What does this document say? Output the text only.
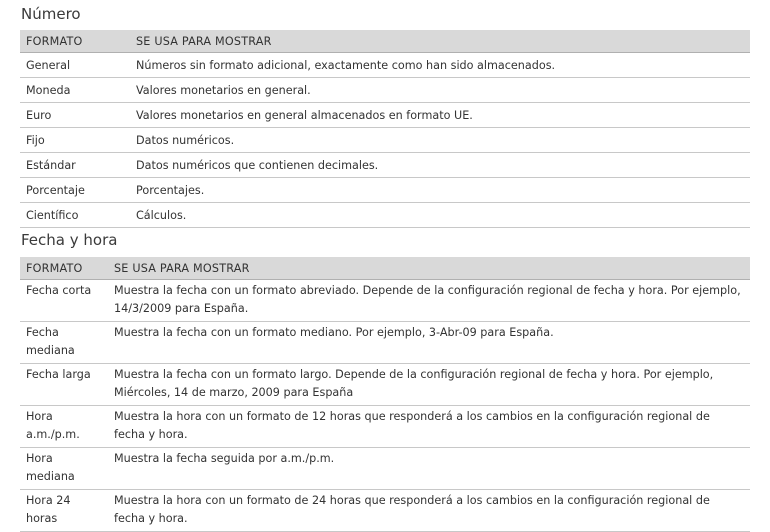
Número
FORMATO	SE USA PARA MOSTRAR
General	Números sin formato adicional, exactamente como han sido almacenados.
Moneda	Valores monetarios en general.
Euro	Valores monetarios en general almacenados en formato UE.
Fijo	Datos numéricos.
Estándar	Datos numéricos que contienen decimales.
Porcentaje	Porcentajes.
Científico	Cálculos.
Fecha y hora
FORMATO	SE USA PARA MOSTRAR
Fecha corta	Muestra la fecha con un formato abreviado. Depende de la configuración regional de fecha y hora. Por ejemplo, 14/3/2009 para España.
Fecha mediana	Muestra la fecha con un formato mediano. Por ejemplo, 3-Abr-09 para España.
Fecha larga	Muestra la fecha con un formato largo. Depende de la configuración regional de fecha y hora. Por ejemplo, Miércoles, 14 de marzo, 2009 para España
Hora a.m./p.m.	Muestra la hora con un formato de 12 horas que responderá a los cambios en la configuración regional de fecha y hora.
Hora mediana	Muestra la fecha seguida por a.m./p.m.
Hora 24 horas	Muestra la hora con un formato de 24 horas que responderá a los cambios en la configuración regional de fecha y hora.
